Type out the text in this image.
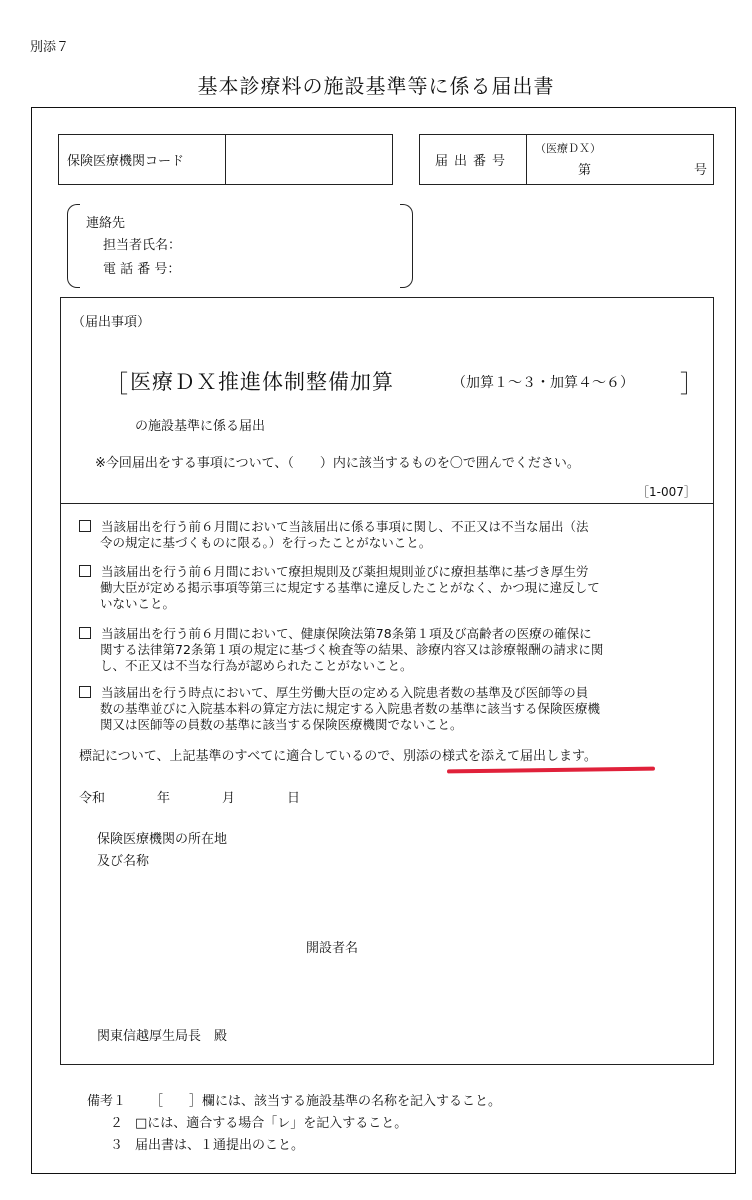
別添７
基本診療料の施設基準等に係る届出書
保険医療機関コード	届出番号
（医療ＤＸ）
第	号
連絡先
担当者氏名：
電 話 番 号：
（届出事項）
［ 医療ＤＸ推進体制整備加算	（加算１～３・加算４～６） ］
の施設基準に係る届出
※今回届出をする事項について、（　　）内に該当するものを〇で囲んでください。
［1-007］
当該届出を行う前６月間において当該届出に係る事項に関し、不正又は不当な届出（法
令の規定に基づくものに限る。）を行ったことがないこと。
当該届出を行う前６月間において療担規則及び薬担規則並びに療担基準に基づき厚生労
働大臣が定める掲示事項等第三に規定する基準に違反したことがなく、かつ現に違反して
いないこと。
当該届出を行う前６月間において、健康保険法第78条第１項及び高齢者の医療の確保に
関する法律第72条第１項の規定に基づく検査等の結果、診療内容又は診療報酬の請求に関
し、不正又は不当な行為が認められたことがないこと。
当該届出を行う時点において、厚生労働大臣の定める入院患者数の基準及び医師等の員
数の基準並びに入院基本料の算定方法に規定する入院患者数の基準に該当する保険医療機
関又は医師等の員数の基準に該当する保険医療機関でないこと。
標記について、上記基準のすべてに適合しているので、別添の様式を添えて届出します。
令和	年	月	日
保険医療機関の所在地
及び名称
開設者名
関東信越厚生局長　殿
備考１ ［　　］欄には、該当する施設基準の名称を記入すること。
２ □には、適合する場合「レ」を記入すること。
３ 届出書は、１通提出のこと。
